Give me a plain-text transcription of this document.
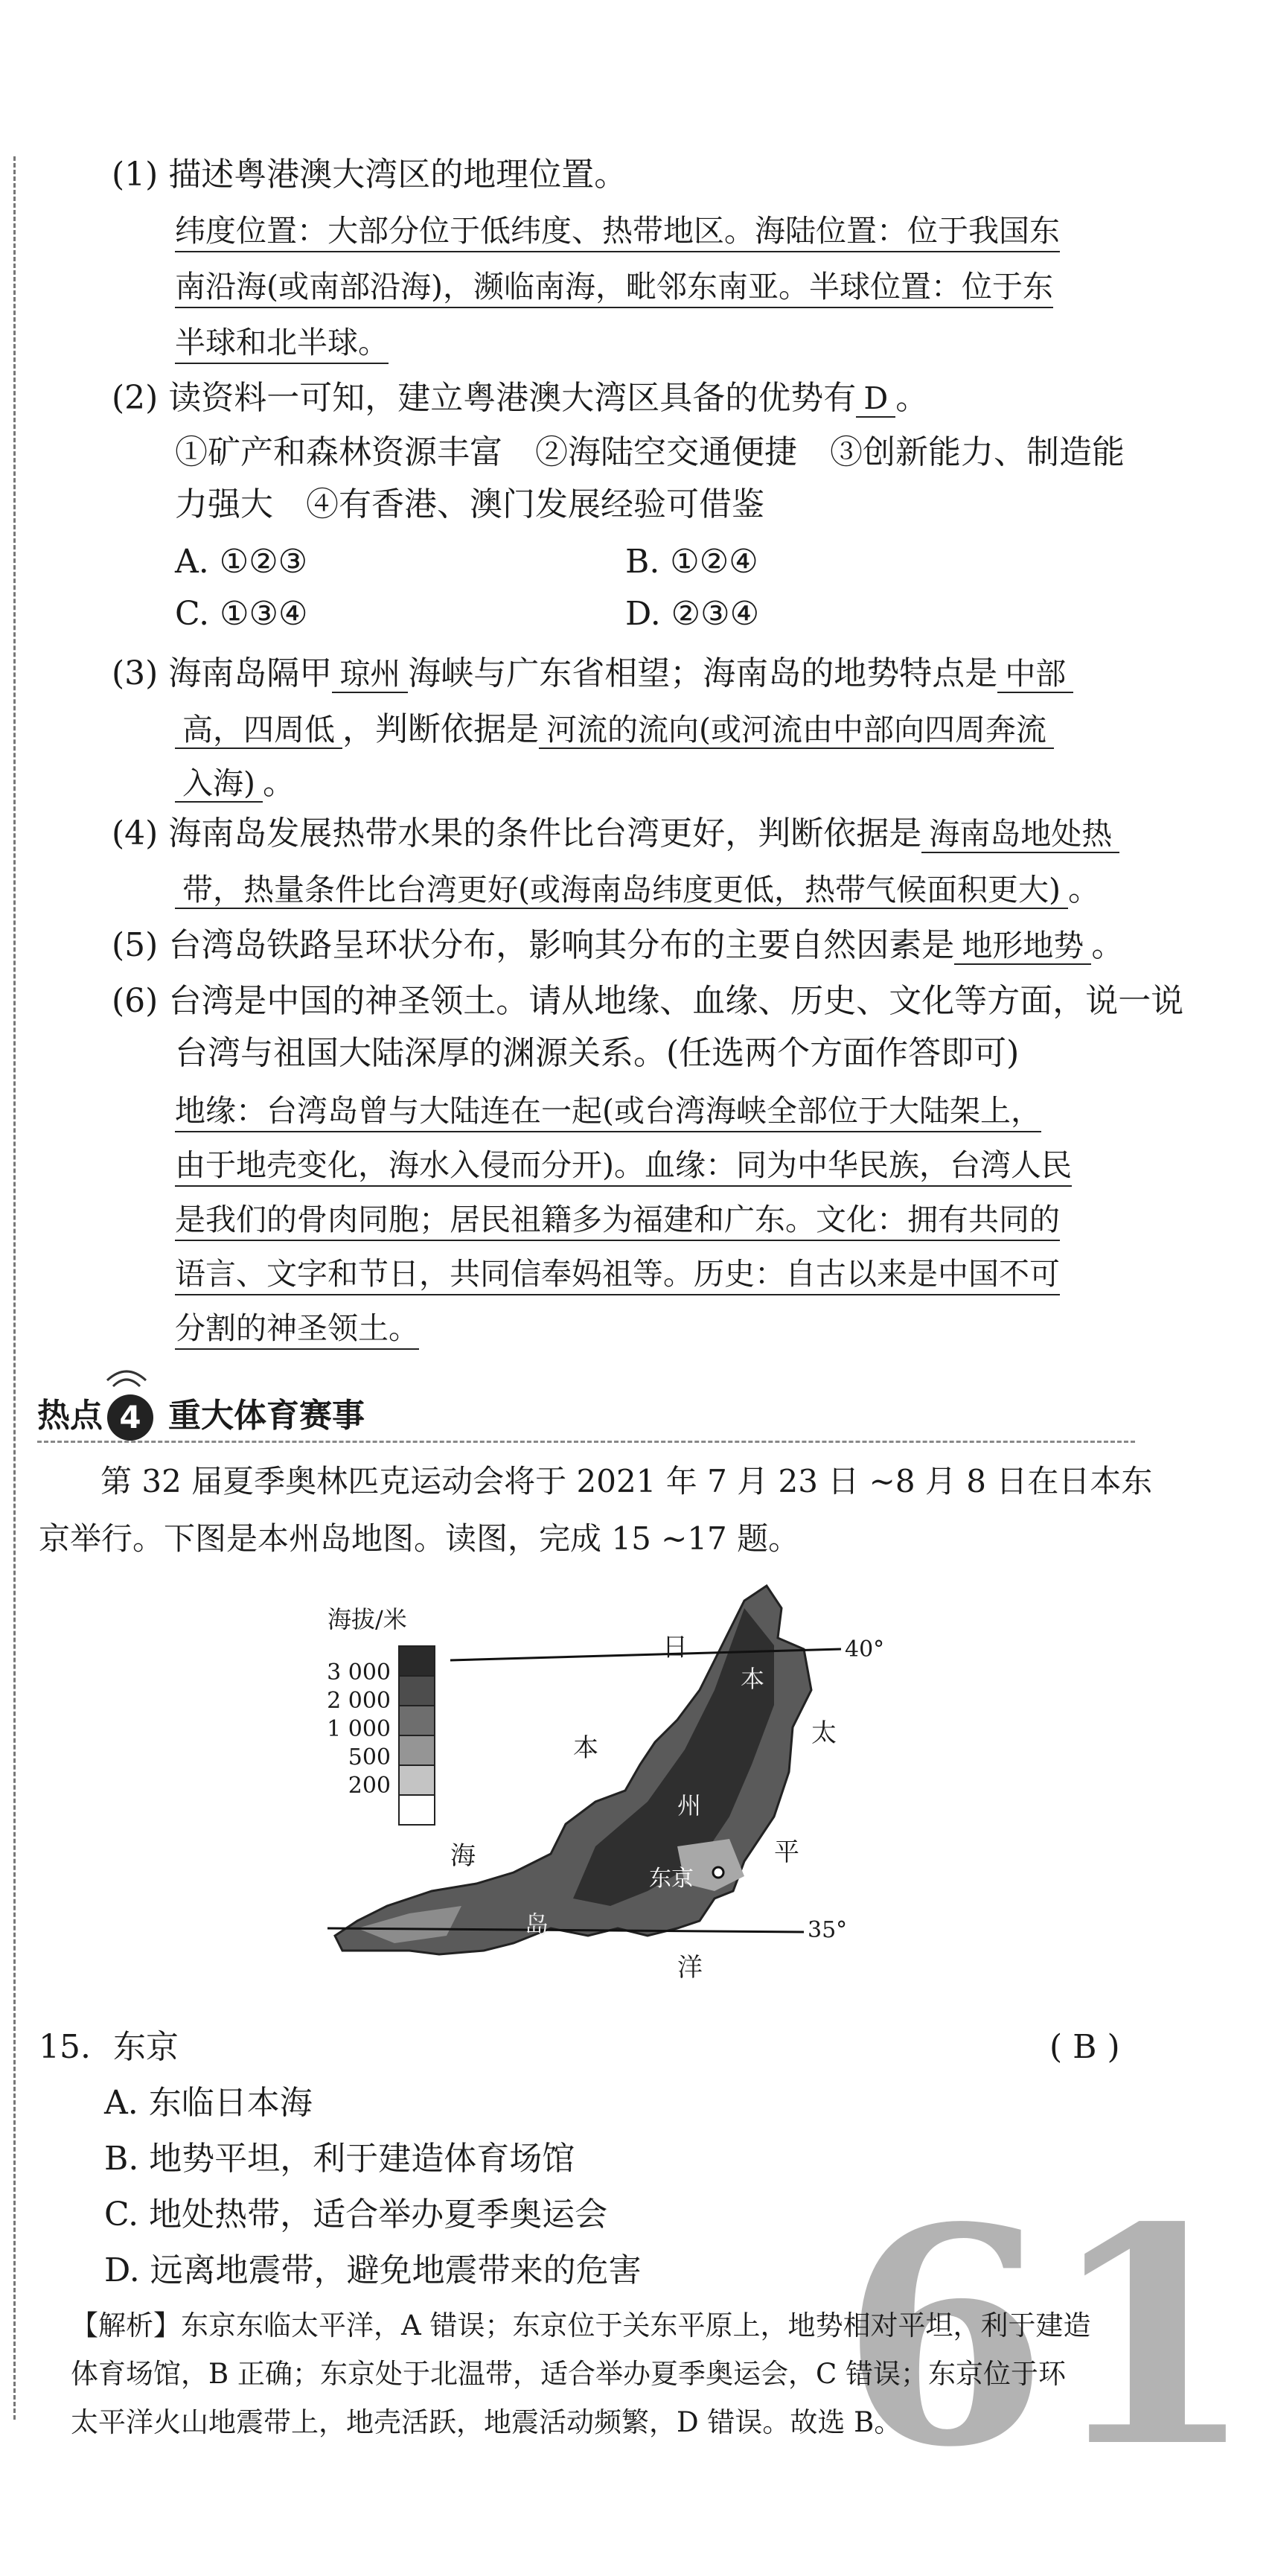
(1) 描述粤港澳大湾区的地理位置。
纬度位置：大部分位于低纬度、热带地区。海陆位置：位于我国东
南沿海(或南部沿海)，濒临南海，毗邻东南亚。半球位置：位于东
半球和北半球。
(2) 读资料一可知，建立粤港澳大湾区具备的优势有 D 。
①矿产和森林资源丰富　②海陆空交通便捷　③创新能力、制造能
力强大　④有香港、澳门发展经验可借鉴
A. ①②③	B. ①②④
C. ①③④	D. ②③④
(3) 海南岛隔甲 琼州 海峡与广东省相望；海南岛的地势特点是 中部
高，四周低 ，判断依据是 河流的流向(或河流由中部向四周奔流
入海) 。
(4) 海南岛发展热带水果的条件比台湾更好，判断依据是 海南岛地处热
带，热量条件比台湾更好(或海南岛纬度更低，热带气候面积更大) 。
(5) 台湾岛铁路呈环状分布，影响其分布的主要自然因素是 地形地势 。
(6) 台湾是中国的神圣领土。请从地缘、血缘、历史、文化等方面，说一说
台湾与祖国大陆深厚的渊源关系。(任选两个方面作答即可)
地缘：台湾岛曾与大陆连在一起(或台湾海峡全部位于大陆架上，
由于地壳变化，海水入侵而分开)。血缘：同为中华民族，台湾人民
是我们的骨肉同胞；居民祖籍多为福建和广东。文化：拥有共同的
语言、文字和节日，共同信奉妈祖等。历史：自古以来是中国不可
分割的神圣领土。
热点 4 重大体育赛事
第 32 届夏季奥林匹克运动会将于 2021 年 7 月 23 日 ~8 月 8 日在日本东
京举行。下图是本州岛地图。读图，完成 15 ~17 题。
海拔/米
3 000
2 000
1 000
500
200
日
本
海
太
平
洋
本
州
岛
40°
35°
东京
15. 东京	( B )
A. 东临日本海
B. 地势平坦，利于建造体育场馆
C. 地处热带，适合举办夏季奥运会
D. 远离地震带，避免地震带来的危害 61
【解析】东京东临太平洋，A 错误；东京位于关东平原上，地势相对平坦，利于建造
体育场馆，B 正确；东京处于北温带，适合举办夏季奥运会，C 错误；东京位于环
太平洋火山地震带上，地壳活跃，地震活动频繁，D 错误。故选 B。
